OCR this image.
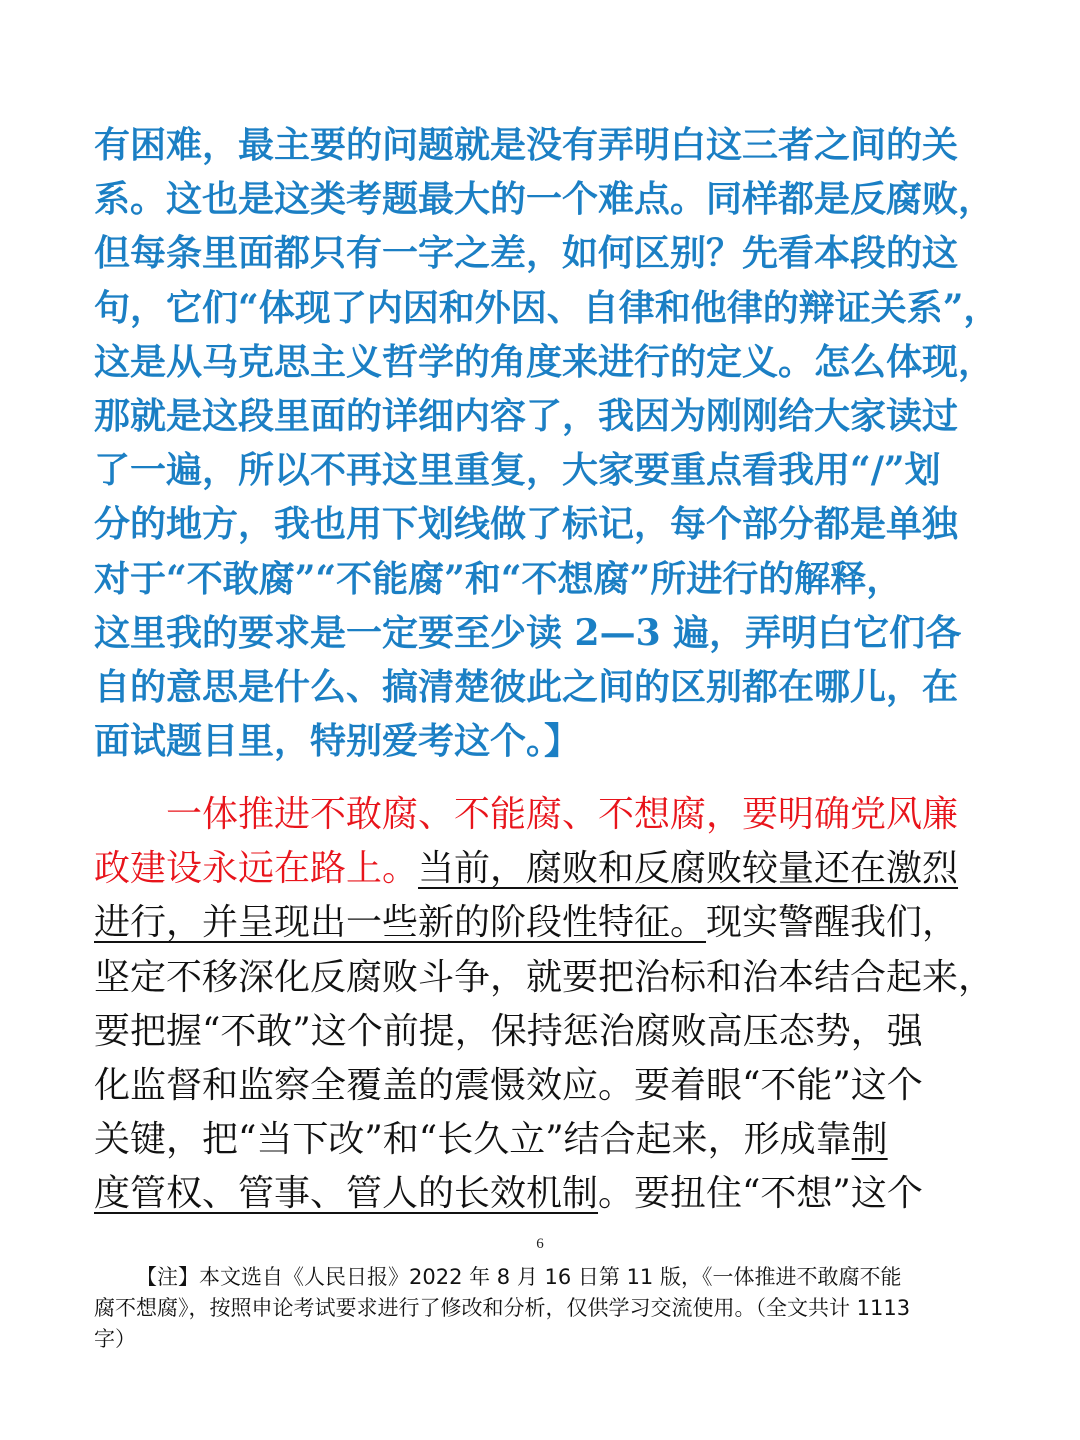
有困难，最主要的问题就是没有弄明白这三者之间的关
系。这也是这类考题最大的一个难点。同样都是反腐败，
但每条里面都只有一字之差，如何区别？先看本段的这
句，它们“体现了内因和外因、自律和他律的辩证关系”，
这是从马克思主义哲学的角度来进行的定义。怎么体现，
那就是这段里面的详细内容了，我因为刚刚给大家读过
了一遍，所以不再这里重复，大家要重点看我用“/”划
分的地方，我也用下划线做了标记，每个部分都是单独
对于“不敢腐”“不能腐”和“不想腐”所进行的解释，
这里我的要求是一定要至少读 2—3 遍，弄明白它们各
自的意思是什么、搞清楚彼此之间的区别都在哪儿，在
面试题目里，特别爱考这个。】
一体推进不敢腐、不能腐、不想腐，要明确党风廉
政建设永远在路上。当前，腐败和反腐败较量还在激烈
进行，并呈现出一些新的阶段性特征。现实警醒我们，
坚定不移深化反腐败斗争，就要把治标和治本结合起来，
要把握“不敢”这个前提，保持惩治腐败高压态势，强
化监督和监察全覆盖的震慑效应。要着眼“不能”这个
关键，把“当下改”和“长久立”结合起来，形成靠制
度管权、管事、管人的长效机制。要扭住“不想”这个
6
【注】本文选自《人民日报》2022 年 8 月 16 日第 11 版，《一体推进不敢腐不能
腐不想腐》，按照申论考试要求进行了修改和分析，仅供学习交流使用。（全文共计 1113
字）
